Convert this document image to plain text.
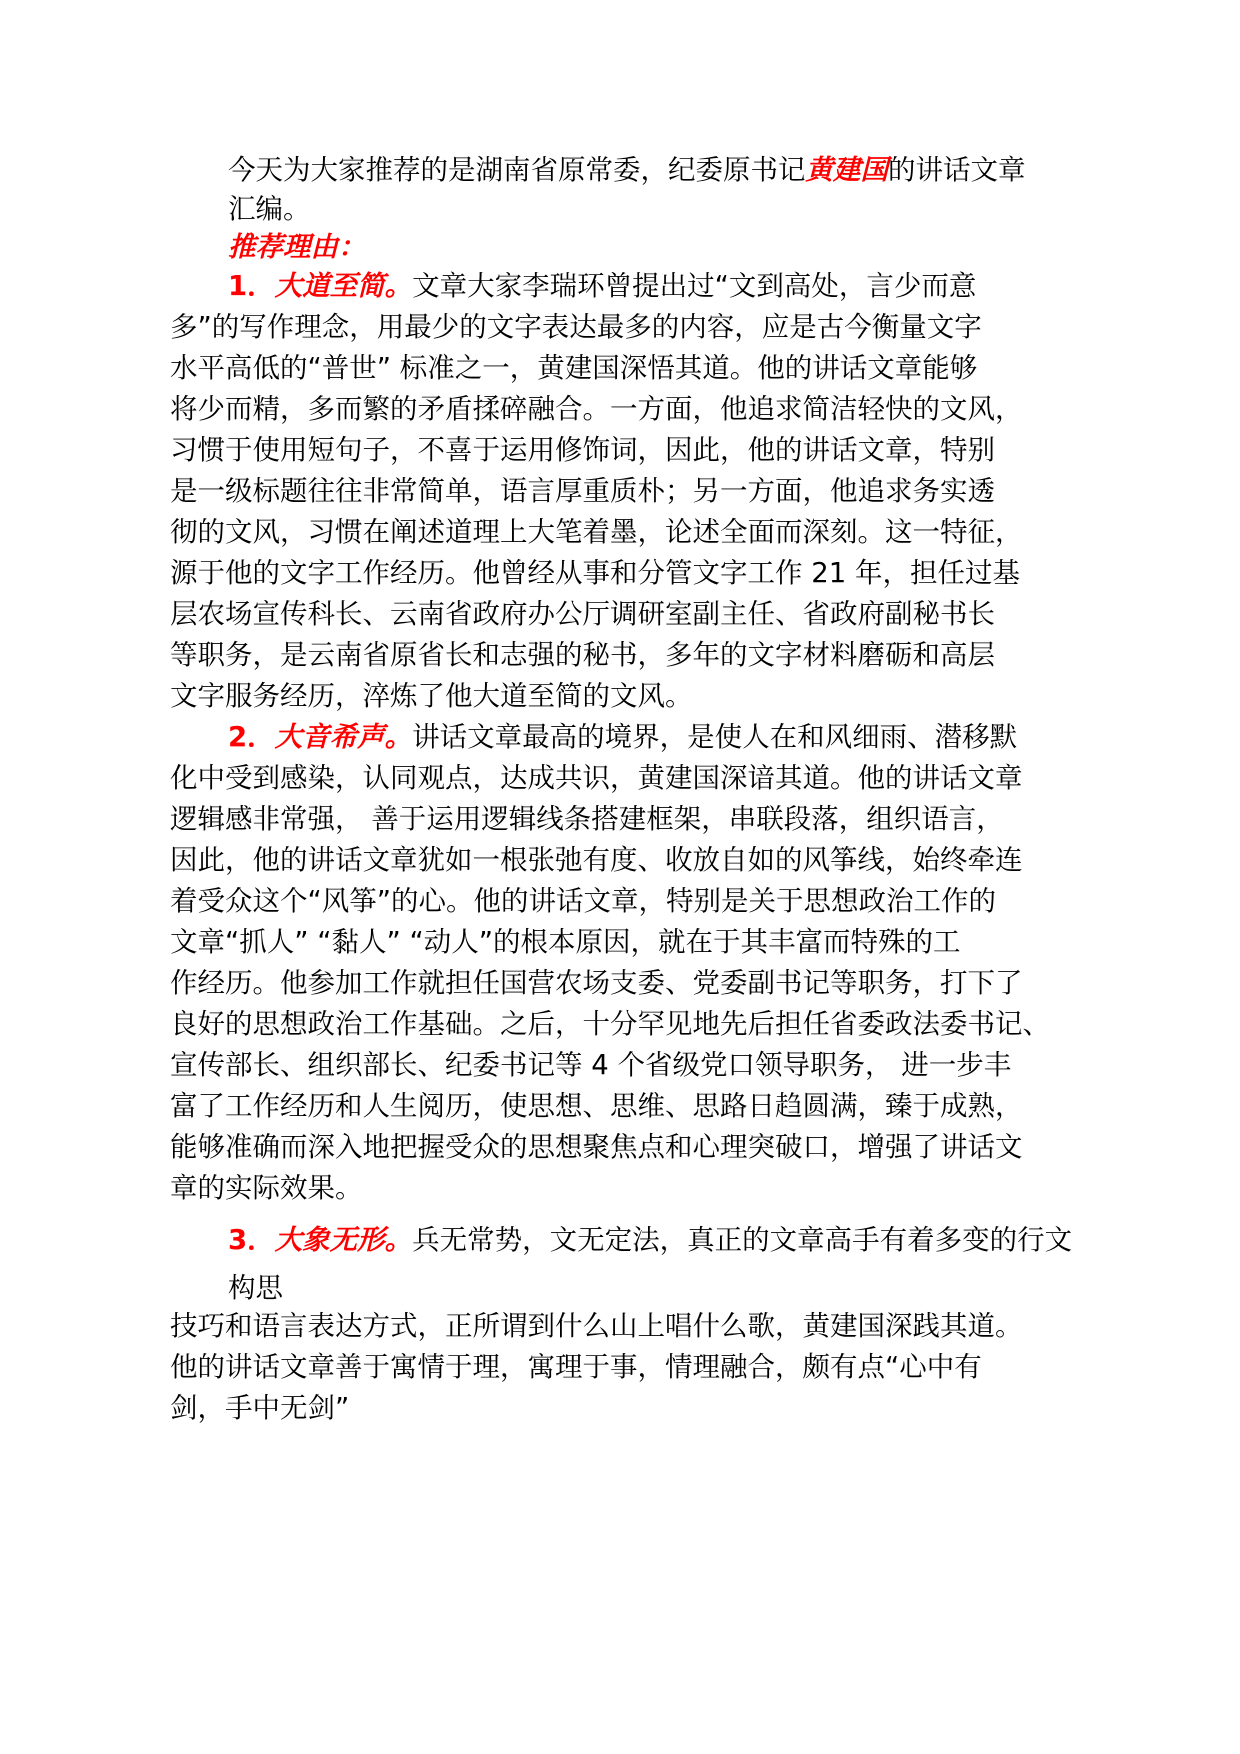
今天为大家推荐的是湖南省原常委，纪委原书记黄建国的讲话文章
汇编。
推荐理由：
1．大道至简。文章大家李瑞环曾提出过“文到高处，言少而意
多”的写作理念，用最少的文字表达最多的内容，应是古今衡量文字
水平高低的“普世” 标准之一，黄建国深悟其道。他的讲话文章能够
将少而精，多而繁的矛盾揉碎融合。一方面，他追求简洁轻快的文风，
习惯于使用短句子，不喜于运用修饰词，因此，他的讲话文章，特别
是一级标题往往非常简单，语言厚重质朴；另一方面，他追求务实透
彻的文风，习惯在阐述道理上大笔着墨，论述全面而深刻。这一特征，
源于他的文字工作经历。他曾经从事和分管文字工作 21 年，担任过基
层农场宣传科长、云南省政府办公厅调研室副主任、省政府副秘书长
等职务，是云南省原省长和志强的秘书，多年的文字材料磨砺和高层
文字服务经历，淬炼了他大道至简的文风。
2．大音希声。讲话文章最高的境界，是使人在和风细雨、潜移默
化中受到感染，认同观点，达成共识，黄建国深谙其道。他的讲话文章
逻辑感非常强， 善于运用逻辑线条搭建框架，串联段落，组织语言，
因此，他的讲话文章犹如一根张弛有度、收放自如的风筝线，始终牵连
着受众这个“风筝”的心。他的讲话文章，特别是关于思想政治工作的
文章“抓人” “黏人” “动人”的根本原因，就在于其丰富而特殊的工
作经历。他参加工作就担任国营农场支委、党委副书记等职务，打下了
良好的思想政治工作基础。之后，十分罕见地先后担任省委政法委书记、
宣传部长、组织部长、纪委书记等 4 个省级党口领导职务， 进一步丰
富了工作经历和人生阅历，使思想、思维、思路日趋圆满，臻于成熟，
能够准确而深入地把握受众的思想聚焦点和心理突破口，增强了讲话文
章的实际效果。
3．大象无形。兵无常势，文无定法，真正的文章高手有着多变的行文
构思
技巧和语言表达方式，正所谓到什么山上唱什么歌，黄建国深践其道。
他的讲话文章善于寓情于理，寓理于事，情理融合，颇有点“心中有
剑，手中无剑”
